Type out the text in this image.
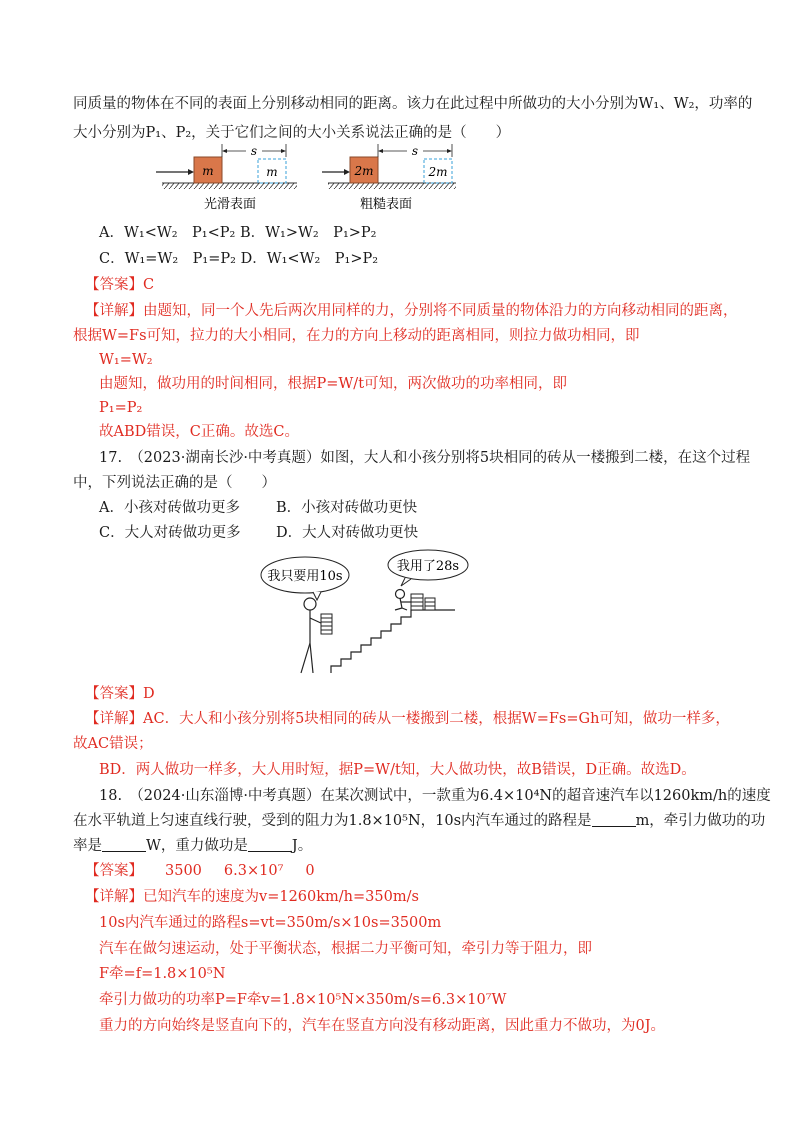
同质量的物体在不同的表面上分别移动相同的距离。该力在此过程中所做功的大小分别为W₁、W₂，功率的
大小分别为P₁、P₂，关于它们之间的大小关系说法正确的是（　　）
m	m
s
光滑表面
2m	2m
s
粗糙表面
A．W₁<W₂　P₁<P₂ B．W₁>W₂　P₁>P₂
C．W₁=W₂　P₁=P₂ D．W₁<W₂　P₁>P₂
【答案】C
【详解】由题知，同一个人先后两次用同样的力，分别将不同质量的物体沿力的方向移动相同的距离，
根据W=Fs可知，拉力的大小相同，在力的方向上移动的距离相同，则拉力做功相同，即
W₁=W₂
由题知，做功用的时间相同，根据P=W/t可知，两次做功的功率相同，即
P₁=P₂
故ABD错误，C正确。故选C。
17.　（2023·湖南长沙·中考真题）如图，大人和小孩分别将5块相同的砖从一楼搬到二楼，在这个过程
中，下列说法正确的是（　　）
A．小孩对砖做功更多 B．小孩对砖做功更快
C．大人对砖做功更多 D．大人对砖做功更快
我只要用10s
我用了28s
【答案】D
【详解】AC．大人和小孩分别将5块相同的砖从一楼搬到二楼，根据W=Fs=Gh可知，做功一样多，
故AC错误；
BD．两人做功一样多，大人用时短，据P=W/t知，大人做功快，故B错误，D正确。故选D。
18.　（2024·山东淄博·中考真题）在某次测试中，一款重为6.4×10⁴N的超音速汽车以1260km/h的速度
在水平轨道上匀速直线行驶，受到的阻力为1.8×10⁵N，10s内汽车通过的路程是	m，牵引力做功的功
率是	W，重力做功是	J。
【答案】 3500 6.3×10⁷ 0
【详解】已知汽车的速度为v=1260km/h=350m/s
10s内汽车通过的路程s=vt=350m/s×10s=3500m
汽车在做匀速运动，处于平衡状态，根据二力平衡可知，牵引力等于阻力，即
F牵=f=1.8×10⁵N
牵引力做功的功率P=F牵v=1.8×10⁵N×350m/s=6.3×10⁷W
重力的方向始终是竖直向下的，汽车在竖直方向没有移动距离，因此重力不做功，为0J。
